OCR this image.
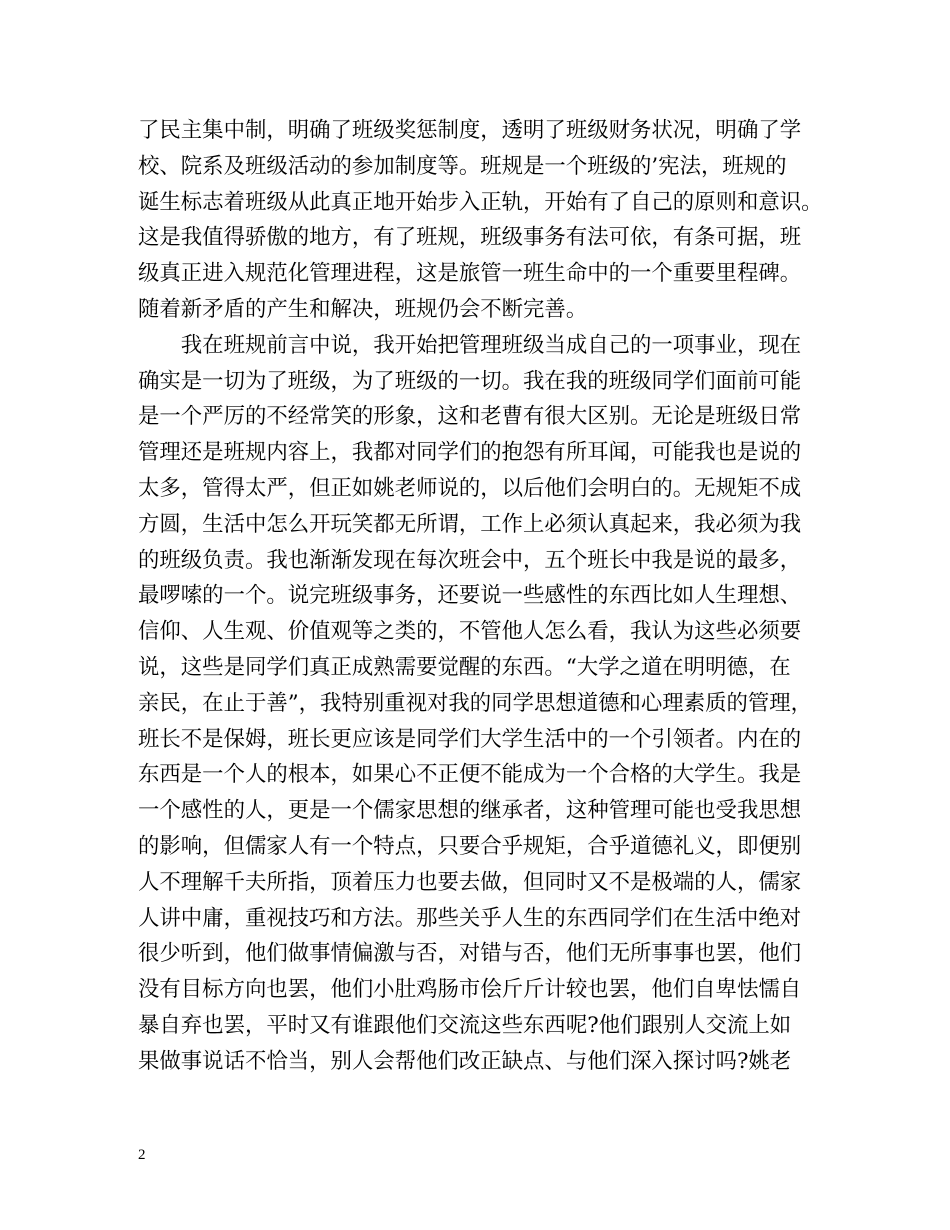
了民主集中制，明确了班级奖惩制度，透明了班级财务状况，明确了学
校、院系及班级活动的参加制度等。班规是一个班级的’宪法，班规的
诞生标志着班级从此真正地开始步入正轨，开始有了自己的原则和意识。
这是我值得骄傲的地方，有了班规，班级事务有法可依，有条可据，班
级真正进入规范化管理进程，这是旅管一班生命中的一个重要里程碑。
随着新矛盾的产生和解决，班规仍会不断完善。
　　我在班规前言中说，我开始把管理班级当成自己的一项事业，现在
确实是一切为了班级，为了班级的一切。我在我的班级同学们面前可能
是一个严厉的不经常笑的形象，这和老曹有很大区别。无论是班级日常
管理还是班规内容上，我都对同学们的抱怨有所耳闻，可能我也是说的
太多，管得太严，但正如姚老师说的，以后他们会明白的。无规矩不成
方圆，生活中怎么开玩笑都无所谓，工作上必须认真起来，我必须为我
的班级负责。我也渐渐发现在每次班会中，五个班长中我是说的最多，
最啰嗦的一个。说完班级事务，还要说一些感性的东西比如人生理想、
信仰、人生观、价值观等之类的，不管他人怎么看，我认为这些必须要
说，这些是同学们真正成熟需要觉醒的东西。“大学之道在明明德，在
亲民，在止于善”，我特别重视对我的同学思想道德和心理素质的管理，
班长不是保姆，班长更应该是同学们大学生活中的一个引领者。内在的
东西是一个人的根本，如果心不正便不能成为一个合格的大学生。我是
一个感性的人，更是一个儒家思想的继承者，这种管理可能也受我思想
的影响，但儒家人有一个特点，只要合乎规矩，合乎道德礼义，即便别
人不理解千夫所指，顶着压力也要去做，但同时又不是极端的人，儒家
人讲中庸，重视技巧和方法。那些关乎人生的东西同学们在生活中绝对
很少听到，他们做事情偏激与否，对错与否，他们无所事事也罢，他们
没有目标方向也罢，他们小肚鸡肠市侩斤斤计较也罢，他们自卑怯懦自
暴自弃也罢，平时又有谁跟他们交流这些东西呢?他们跟别人交流上如
果做事说话不恰当，别人会帮他们改正缺点、与他们深入探讨吗?姚老
2
